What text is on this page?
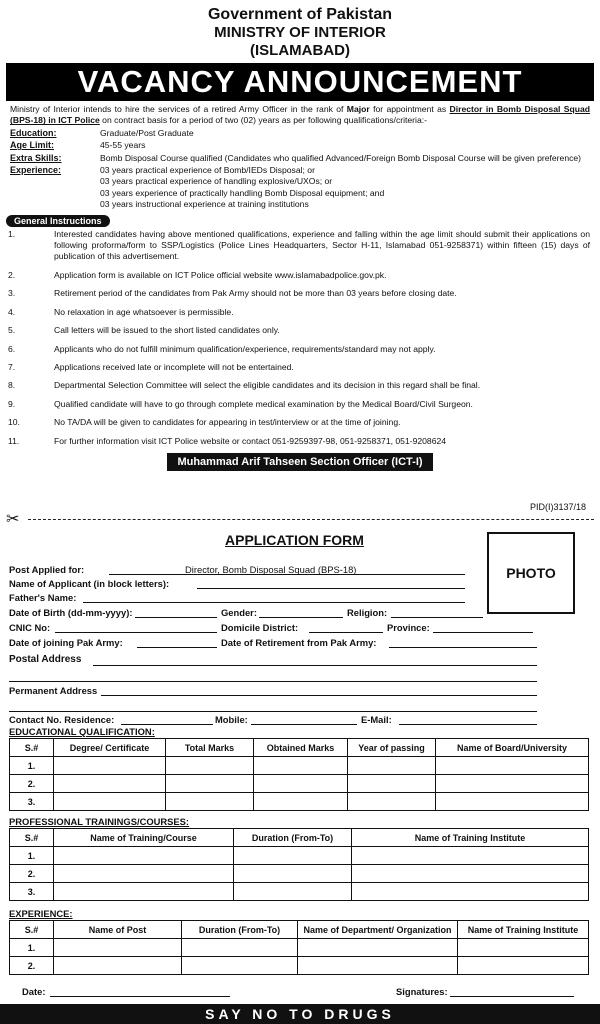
Government of Pakistan
MINISTRY OF INTERIOR
(ISLAMABAD)
VACANCY ANNOUNCEMENT
Ministry of Interior intends to hire the services of a retired Army Officer in the rank of Major for appointment as Director in Bomb Disposal Squad (BPS-18) in ICT Police on contract basis for a period of two (02) years as per following qualifications/criteria:-
Education:	Graduate/Post Graduate
Age Limit:	45-55 years
Extra Skills:	Bomb Disposal Course qualified (Candidates who qualified Advanced/Foreign Bomb Disposal Course will be given preference)
Experience:	03 years practical experience of Bomb/IEDs Disposal; or
03 years practical experience of handling explosive/UXOs; or
03 years experience of practically handling Bomb Disposal equipment; and
03 years instructional experience at training institutions
General Instructions
1.	Interested candidates having above mentioned qualifications, experience and falling within the age limit should submit their applications on following proforma/form to SSP/Logistics (Police Lines Headquarters, Sector H-11, Islamabad 051-9258371) within fifteen (15) days of publication of this advertisement.
2.	Application form is available on ICT Police official website www.islamabadpolice.gov.pk.
3.	Retirement period of the candidates from Pak Army should not be more than 03 years before closing date.
4.	No relaxation in age whatsoever is permissible.
5.	Call letters will be issued to the short listed candidates only.
6.	Applicants who do not fulfill minimum qualification/experience, requirements/standard may not apply.
7.	Applications received late or incomplete will not be entertained.
8.	Departmental Selection Committee will select the eligible candidates and its decision in this regard shall be final.
9.	Qualified candidate will have to go through complete medical examination by the Medical Board/Civil Surgeon.
10.	No TA/DA will be given to candidates for appearing in test/interview or at the time of joining.
11.	For further information visit ICT Police website or contact 051-9259397-98, 051-9258371, 051-9208624
Muhammad Arif Tahseen Section Officer (ICT-I)
PID(I)3137/18
✂
APPLICATION FORM
PHOTO
Post Applied for:	Director, Bomb Disposal Squad (BPS-18)
Name of Applicant (in block letters):
Father's Name:
Date of Birth (dd-mm-yyyy):	Gender:	Religion:
CNIC No:	Domicile District:	Province:
Date of joining Pak Army:	Date of Retirement from Pak Army:
Postal Address
Permanent Address
Contact No. Residence:	Mobile:	E-Mail:
EDUCATIONAL QUALIFICATION:
S.#	Degree/ Certificate	Total Marks	Obtained Marks	Year of passing	Name of Board/University
1.					
2.					
3.					
PROFESSIONAL TRAININGS/COURSES:
S.#	Name of Training/Course	Duration (From-To)	Name of Training Institute
1.			
2.			
3.			
EXPERIENCE:
S.#	Name of Post	Duration (From-To)	Name of Department/ Organization	Name of Training Institute
1.				
2.				
Date:	Signatures:
SAY NO TO DRUGS
